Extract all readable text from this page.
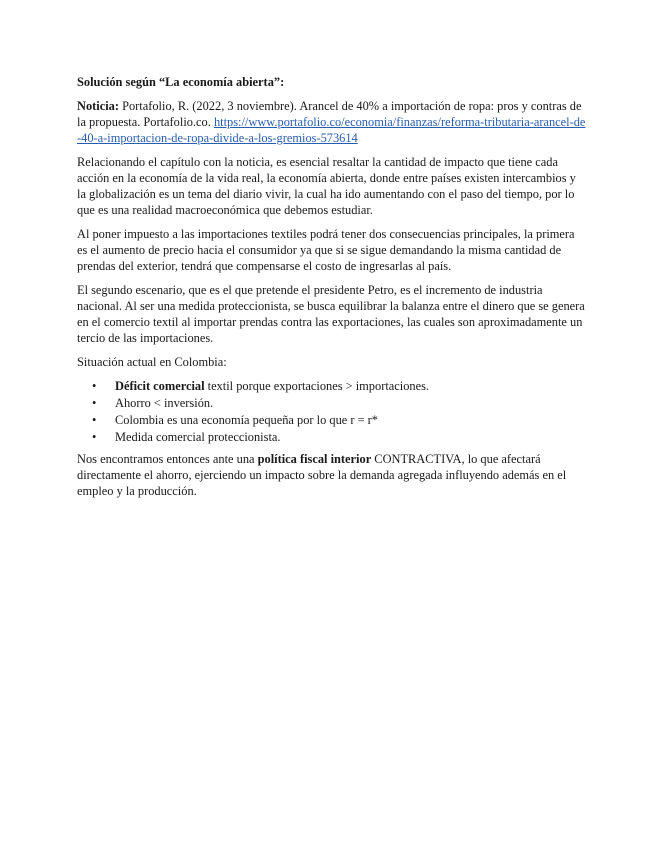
Solución según “La economía abierta”:

Noticia: Portafolio, R. (2022, 3 noviembre). Arancel de 40% a importación de ropa: pros y contras de la propuesta. Portafolio.co. https://www.portafolio.co/economia/finanzas/reforma-tributaria-arancel-de-40-a-importacion-de-ropa-divide-a-los-gremios-573614

Relacionando el capítulo con la noticia, es esencial resaltar la cantidad de impacto que tiene cada acción en la economía de la vida real, la economía abierta, donde entre países existen intercambios y la globalización es un tema del diario vivir, la cual ha ido aumentando con el paso del tiempo, por lo que es una realidad macroeconómica que debemos estudiar.

Al poner impuesto a las importaciones textiles podrá tener dos consecuencias principales, la primera es el aumento de precio hacia el consumidor ya que si se sigue demandando la misma cantidad de prendas del exterior, tendrá que compensarse el costo de ingresarlas al país.

El segundo escenario, que es el que pretende el presidente Petro, es el incremento de industria nacional. Al ser una medida proteccionista, se busca equilibrar la balanza entre el dinero que se genera en el comercio textil al importar prendas contra las exportaciones, las cuales son aproximadamente un tercio de las importaciones.

Situación actual en Colombia:

• Déficit comercial textil porque exportaciones > importaciones.
• Ahorro < inversión.
• Colombia es una economía pequeña por lo que r = r*
• Medida comercial proteccionista.

Nos encontramos entonces ante una política fiscal interior CONTRACTIVA, lo que afectará directamente el ahorro, ejerciendo un impacto sobre la demanda agregada influyendo además en el empleo y la producción.
